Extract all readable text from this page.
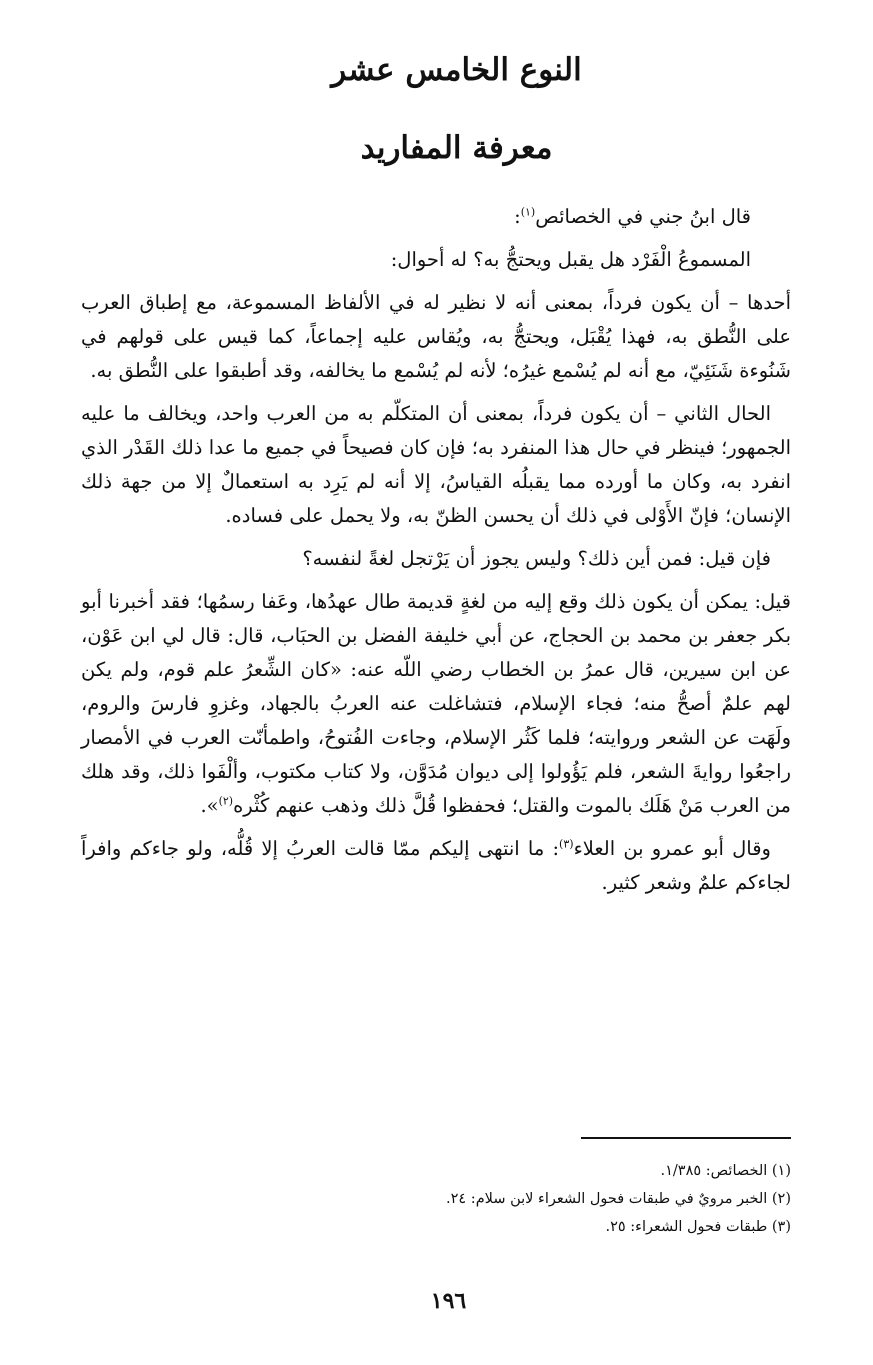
النوع الخامس عشر
معرفة المفاريد

قال ابنُ جني في الخصائص$^{(١)}$:

المسموعُ الْفَرْد هل يقبل ويحتجُّ به؟ له أحوال:

أحدها – أن يكون فرداً، بمعنى أنه لا نظير له في الألفاظ المسموعة، مع إطباق العرب على النُّطق به، فهذا يُقْبَل، ويحتجُّ به، ويُقاس عليه إجماعاً، كما قيس على قولهم في شَنُوءة شَنَئِيّ، مع أنه لم يُسْمع غيرُه؛ لأنه لم يُسْمع ما يخالفه، وقد أطبقوا على النُّطق به.

الحال الثاني – أن يكون فرداً، بمعنى أن المتكلّم به من العرب واحد، ويخالف ما عليه الجمهور؛ فينظر في حال هذا المنفرد به؛ فإن كان فصيحاً في جميع ما عدا ذلك القَدْر الذي انفرد به، وكان ما أورده مما يقبلُه القياسُ، إلا أنه لم يَرِد به استعمالٌ إلا من جهة ذلك الإنسان؛ فإنّ الأَوْلى في ذلك أن يحسن الظنّ به، ولا يحمل على فساده.

فإن قيل: فمن أين ذلك؟ وليس يجوز أن يَرْتجل لغةً لنفسه؟

قيل: يمكن أن يكون ذلك وقع إليه من لغةٍ قديمة طال عهدُها، وعَفا رسمُها؛ فقد أخبرنا أبو بكر جعفر بن محمد بن الحجاج، عن أبي خليفة الفضل بن الحبَاب، قال: قال لي ابن عَوْن، عن ابن سيرين، قال عمرُ بن الخطاب رضي اللّه عنه: «كان الشِّعرُ علم قوم، ولم يكن لهم علمٌ أصحُّ منه؛ فجاء الإسلام، فتشاغلت عنه العربُ بالجهاد، وغزوِ فارسَ والروم، ولَهَت عن الشعر وروايته؛ فلما كَثُر الإسلام، وجاءت الفُتوحُ، واطمأنّت العرب في الأمصار راجعُوا روايةَ الشعر، فلم يَؤُولوا إلى ديوان مُدَوَّن، ولا كتاب مكتوب، وألْفَوا ذلك، وقد هلك من العرب مَنْ هَلَك بالموت والقتل؛ فحفظوا قُلَّ ذلك وذهب عنهم كُثْره$^{(٢)}$».

وقال أبو عمرو بن العلاء$^{(٣)}$: ما انتهى إليكم ممّا قالت العربُ إلا قُلُّه، ولو جاءكم وافراً لجاءكم علمٌ وشعر كثير.

(١) الخصائص: ١/٣٨٥.
(٢) الخبر مرويٌ في طبقات فحول الشعراء لابن سلام: ٢٤.
(٣) طبقات فحول الشعراء: ٢٥.
١٩٦
